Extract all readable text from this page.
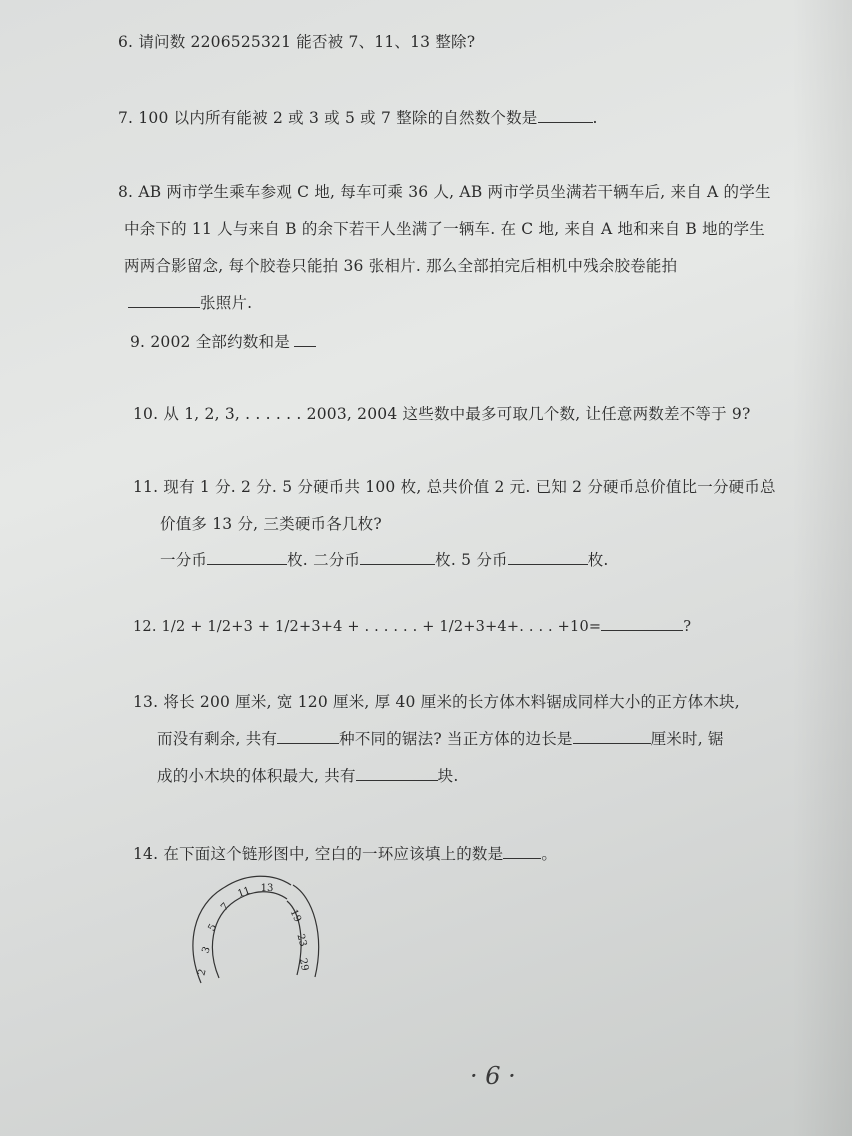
6. 请问数 2206525321 能否被 7、11、13 整除?
7. 100 以内所有能被 2 或 3 或 5 或 7 整除的自然数个数是	.
8. AB 两市学生乘车参观 C 地, 每车可乘 36 人, AB 两市学员坐满若干辆车后, 来自 A 的学生
中余下的 11 人与来自 B 的余下若干人坐满了一辆车. 在 C 地, 来自 A 地和来自 B 地的学生
两两合影留念, 每个胶卷只能拍 36 张相片. 那么全部拍完后相机中残余胶卷能拍
张照片.
9. 2002 全部约数和是
10. 从 1, 2, 3, . . . . . . 2003, 2004 这些数中最多可取几个数, 让任意两数差不等于 9?
11. 现有 1 分. 2 分. 5 分硬币共 100 枚, 总共价值 2 元. 已知 2 分硬币总价值比一分硬币总
价值多 13 分, 三类硬币各几枚?
一分币	枚. 二分币	枚. 5 分币	枚.
12. 1/2 + 1/2+3 + 1/2+3+4 + . . . . . . + 1/2+3+4+. . . . +10=	?
13. 将长 200 厘米, 宽 120 厘米, 厚 40 厘米的长方体木料锯成同样大小的正方体木块,
而没有剩余, 共有	种不同的锯法? 当正方体的边长是	厘米时, 锯
成的小木块的体积最大, 共有	块.
14. 在下面这个链形图中, 空白的一环应该填上的数是 。
2
3
5
7
11 13
19
23
29
· 6 ·
